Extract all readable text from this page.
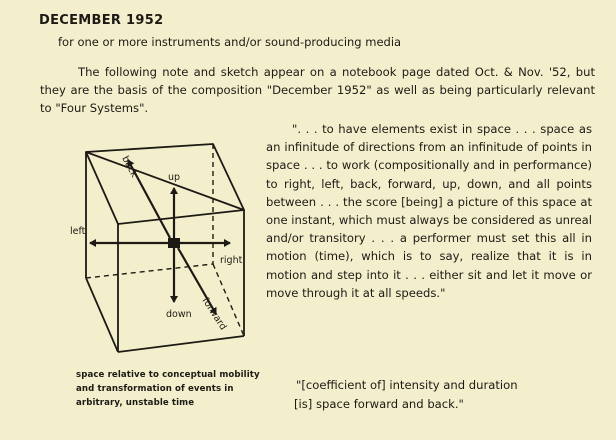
DECEMBER 1952
for one or more instruments and/or sound-producing media
The following note and sketch appear on a notebook page dated Oct. & Nov. '52, but they are the basis of the composition "December 1952" as well as being particularly relevant to "Four Systems".
". . . to have elements exist in space . . . space as an infinitude of directions from an infinitude of points in space . . . to work (compositionally and in performance) to right, left, back, forward, up, down, and all points between . . . the score [being] a picture of this space at one instant, which must always be considered as unreal and/or transitory . . . a performer must set this all in motion (time), which is to say, realize that it is in motion and step into it . . . either sit and let it move or move through it at all speeds."
up
down
left
right
back
forward
space relative to conceptual mobility and transformation of events in arbitrary, unstable time
"[coefficient of] intensity and duration
[is] space forward and back."
